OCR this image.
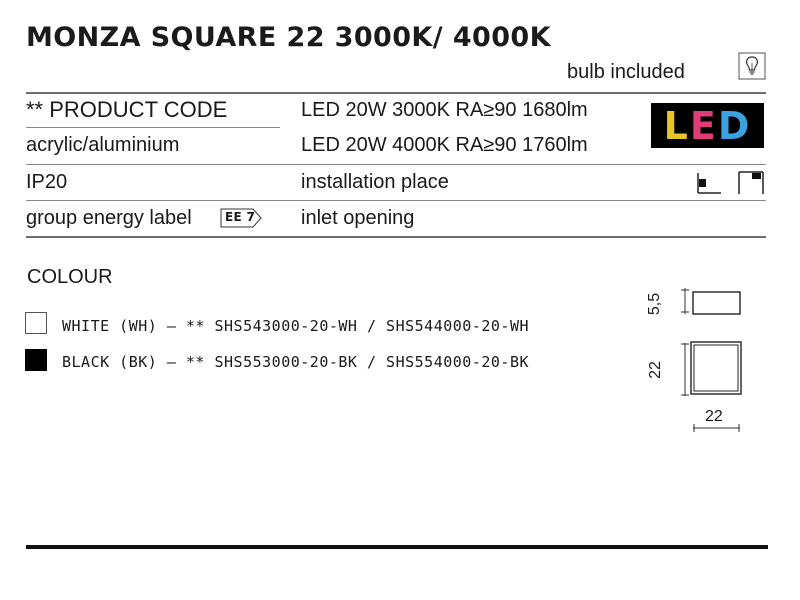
MONZA SQUARE 22 3000K/ 4000K
bulb included
** PRODUCT CODE
acrylic/aluminium
IP20
group energy label	EE 7
LED 20W 3000K RA≥90 1680lm
LED 20W 4000K RA≥90 1760lm
installation place
inlet opening
L E D
COLOUR
WHITE (WH) – ** SHS543000-20-WH / SHS544000-20-WH
BLACK (BK) – ** SHS553000-20-BK / SHS554000-20-BK
5,5
22
22
